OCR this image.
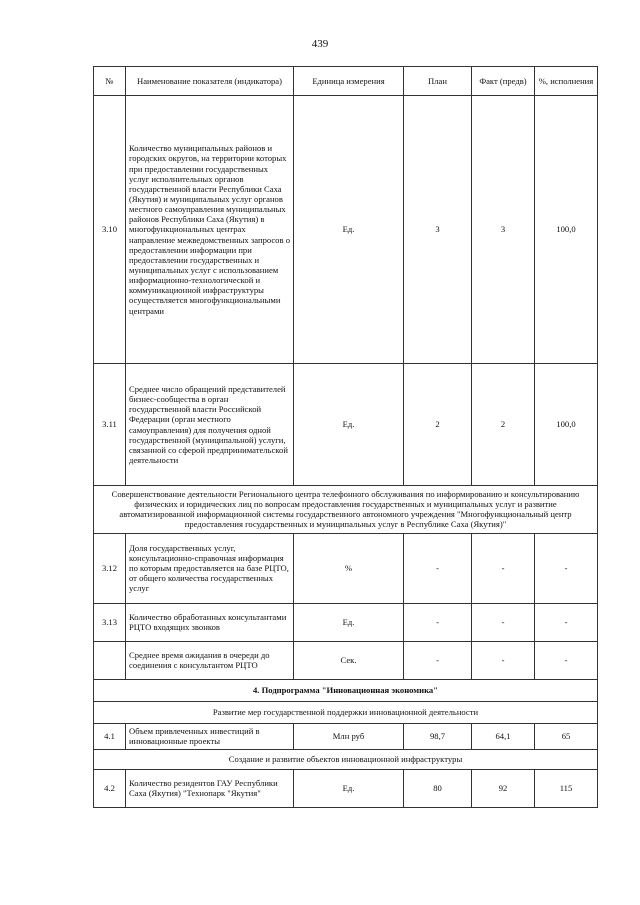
439
№	Наименование показателя (индикатора)	Единица измерения	План	Факт (предв)	%, исполнения
3.10	Количество муниципальных районов и городских округов, на территории которых при предоставлении государственных услуг исполнительных органов государственной власти Республики Саха (Якутия) и муниципальных услуг органов местного самоуправления муниципальных районов Республики Саха (Якутия) в многофункциональных центрах направление межведомственных запросов о предоставлении информации при предоставлении государственных и муниципальных услуг с использованием информационно-технологической и коммуникационной инфраструктуры осуществляется многофункциональными центрами	Ед.	3	3	100,0
3.11	Среднее число обращений представителей бизнес-сообщества в орган государственной власти Российской Федерации (орган местного самоуправления) для получения одной государственной (муниципальной) услуги, связанной со сферой предпринимательской деятельности	Ед.	2	2	100,0
Совершенствование деятельности Регионального центра телефонного обслуживания по информированию и консультированию физических и юридических лиц по вопросам предоставления государственных и муниципальных услуг и развитие автоматизированной информационной системы государственного автономного учреждения "Многофункциональный центр предоставления государственных и муниципальных услуг в Республике Саха (Якутия)"					
3.12	Доля государственных услуг, консультационно-справочная информация по которым предоставляется на базе РЦТО, от общего количества государственных услуг	%	-	-	-
3.13	Количество обработанных консультантами РЦТО входящих звонков	Ед.	-	-	-
	Среднее время ожидания в очереди до соединения с консультантом РЦТО	Сек.	-	-	-
4. Подпрограмма "Инновационная экономика"					
Развитие мер государственной поддержки инновационной деятельности					
4.1	Объем привлеченных инвестиций в инновационные проекты	Млн руб	98,7	64,1	65
Создание и развитие объектов инновационной инфраструктуры					
4.2	Количество резидентов ГАУ Республики Саха (Якутия) "Технопарк "Якутия"	Ед.	80	92	115
